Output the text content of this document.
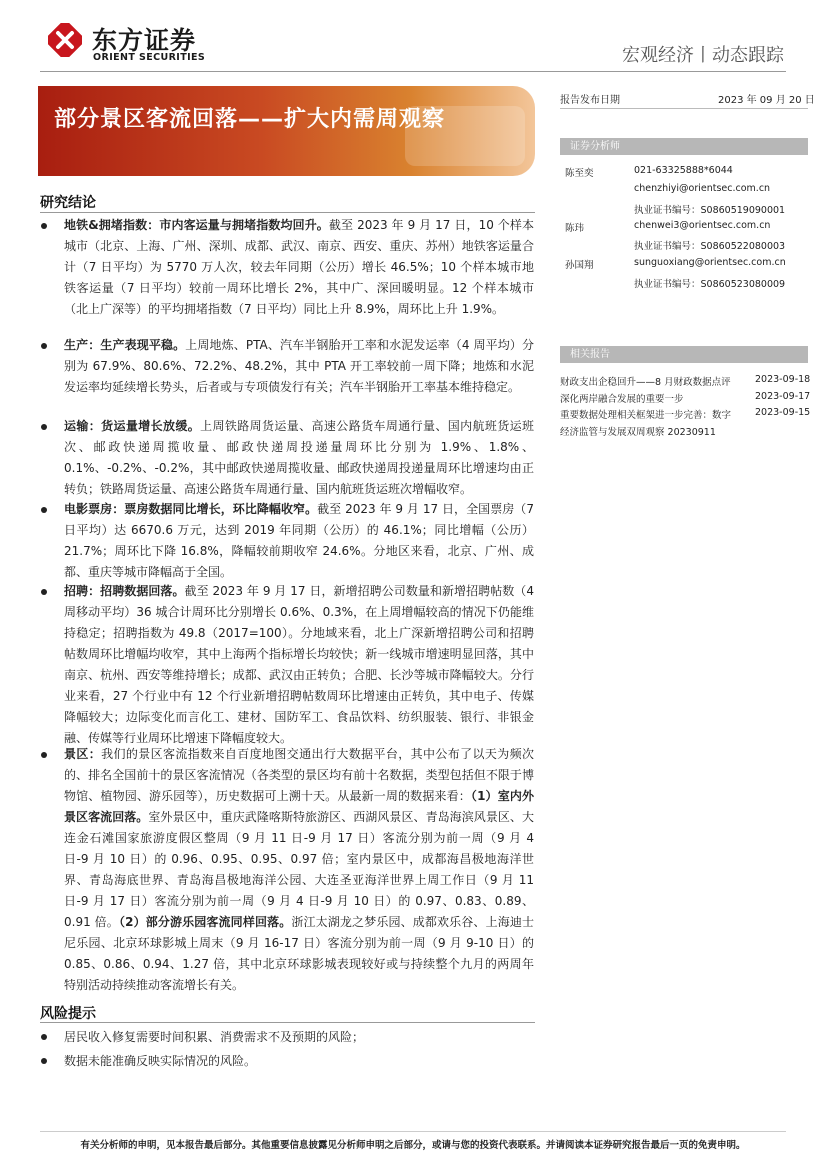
东方证券
ORIENT SECURITIES	宏观经济丨动态跟踪
部分景区客流回落——扩大内需周观察
报告发布日期	2023 年 09 月 20 日
证券分析师
陈至奕	021-63325888*6044
chenzhiyi@orientsec.com.cn
执业证书编号：S0860519090001
陈玮	chenwei3@orientsec.com.cn
执业证书编号：S0860522080003
孙国翔	sunguoxiang@orientsec.com.cn
执业证书编号：S0860523080009
相关报告
财政支出企稳回升——8 月财政数据点评	2023-09-18
深化两岸融合发展的重要一步	2023-09-17
重要数据处理相关框架进一步完善：数字	2023-09-15
经济监管与发展双周观察 20230911
研究结论

地铁&拥堵指数：市内客运量与拥堵指数均回升。截至 2023 年 9 月 17 日，10 个样本城市（北京、上海、广州、深圳、成都、武汉、南京、西安、重庆、苏州）地铁客运量合计（7 日平均）为 5770 万人次，较去年同期（公历）增长 46.5%；10 个样本城市地铁客运量（7 日平均）较前一周环比增长 2%，其中广、深回暖明显。12 个样本城市（北上广深等）的平均拥堵指数（7 日平均）同比上升 8.9%，周环比上升 1.9%。

生产：生产表现平稳。上周地炼、PTA、汽车半钢胎开工率和水泥发运率（4 周平均）分别为 67.9%、80.6%、72.2%、48.2%，其中 PTA 开工率较前一周下降；地炼和水泥发运率均延续增长势头，后者或与专项债发行有关；汽车半钢胎开工率基本维持稳定。

运输：货运量增长放缓。上周铁路周货运量、高速公路货车周通行量、国内航班货运班次、邮政快递周揽收量、邮政快递周投递量周环比分别为 1.9%、1.8%、0.1%、-0.2%、-0.2%，其中邮政快递周揽收量、邮政快递周投递量周环比增速均由正转负；铁路周货运量、高速公路货车周通行量、国内航班货运班次增幅收窄。

电影票房：票房数据同比增长，环比降幅收窄。截至 2023 年 9 月 17 日，全国票房（7 日平均）达 6670.6 万元，达到 2019 年同期（公历）的 46.1%；同比增幅（公历）21.7%；周环比下降 16.8%，降幅较前期收窄 24.6%。分地区来看，北京、广州、成都、重庆等城市降幅高于全国。

招聘：招聘数据回落。截至 2023 年 9 月 17 日，新增招聘公司数量和新增招聘帖数（4 周移动平均）36 城合计周环比分别增长 0.6%、0.3%，在上周增幅较高的情况下仍能维持稳定；招聘指数为 49.8（2017=100）。分地域来看，北上广深新增招聘公司和招聘帖数周环比增幅均收窄，其中上海两个指标增长均较快；新一线城市增速明显回落，其中南京、杭州、西安等维持增长；成都、武汉由正转负；合肥、长沙等城市降幅较大。分行业来看，27 个行业中有 12 个行业新增招聘帖数周环比增速由正转负，其中电子、传媒降幅较大；边际变化而言化工、建材、国防军工、食品饮料、纺织服装、银行、非银金融、传媒等行业周环比增速下降幅度较大。

景区：我们的景区客流指数来自百度地图交通出行大数据平台，其中公布了以天为频次的、排名全国前十的景区客流情况（各类型的景区均有前十名数据，类型包括但不限于博物馆、植物园、游乐园等），历史数据可上溯十天。从最新一周的数据来看：（1）室内外景区客流回落。室外景区中，重庆武隆喀斯特旅游区、西湖风景区、青岛海滨风景区、大连金石滩国家旅游度假区整周（9 月 11 日-9 月 17 日）客流分别为前一周（9 月 4 日-9 月 10 日）的 0.96、0.95、0.95、0.97 倍；室内景区中，成都海昌极地海洋世界、青岛海底世界、青岛海昌极地海洋公园、大连圣亚海洋世界上周工作日（9 月 11 日-9 月 17 日）客流分别为前一周（9 月 4 日-9 月 10 日）的 0.97、0.83、0.89、0.91 倍。（2）部分游乐园客流同样回落。浙江太湖龙之梦乐园、成都欢乐谷、上海迪士尼乐园、北京环球影城上周末（9 月 16-17 日）客流分别为前一周（9 月 9-10 日）的 0.85、0.86、0.94、1.27 倍，其中北京环球影城表现较好或与持续整个九月的两周年特别活动持续推动客流增长有关。

风险提示
居民收入修复需要时间积累、消费需求不及预期的风险；
数据未能准确反映实际情况的风险。
有关分析师的申明，见本报告最后部分。其他重要信息披露见分析师申明之后部分，或请与您的投资代表联系。并请阅读本证券研究报告最后一页的免责申明。
